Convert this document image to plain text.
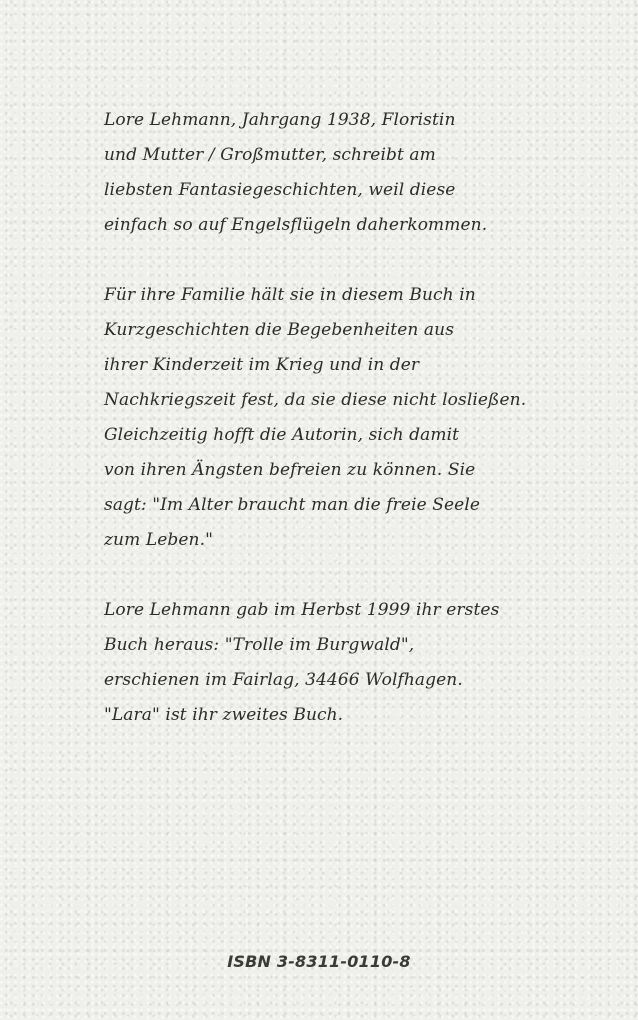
Lore Lehmann, Jahrgang 1938, Floristin
und Mutter / Großmutter, schreibt am
liebsten Fantasiegeschichten, weil diese
einfach so auf Engelsflügeln daherkommen.
Für ihre Familie hält sie in diesem Buch in
Kurzgeschichten die Begebenheiten aus
ihrer Kinderzeit im Krieg und in der
Nachkriegszeit fest, da sie diese nicht losließen.
Gleichzeitig hofft die Autorin, sich damit
von ihren Ängsten befreien zu können. Sie
sagt: "Im Alter braucht man die freie Seele
zum Leben."
Lore Lehmann gab im Herbst 1999 ihr erstes
Buch heraus: "Trolle im Burgwald",
erschienen im Fairlag, 34466 Wolfhagen.
"Lara" ist ihr zweites Buch.
ISBN 3-8311-0110-8
